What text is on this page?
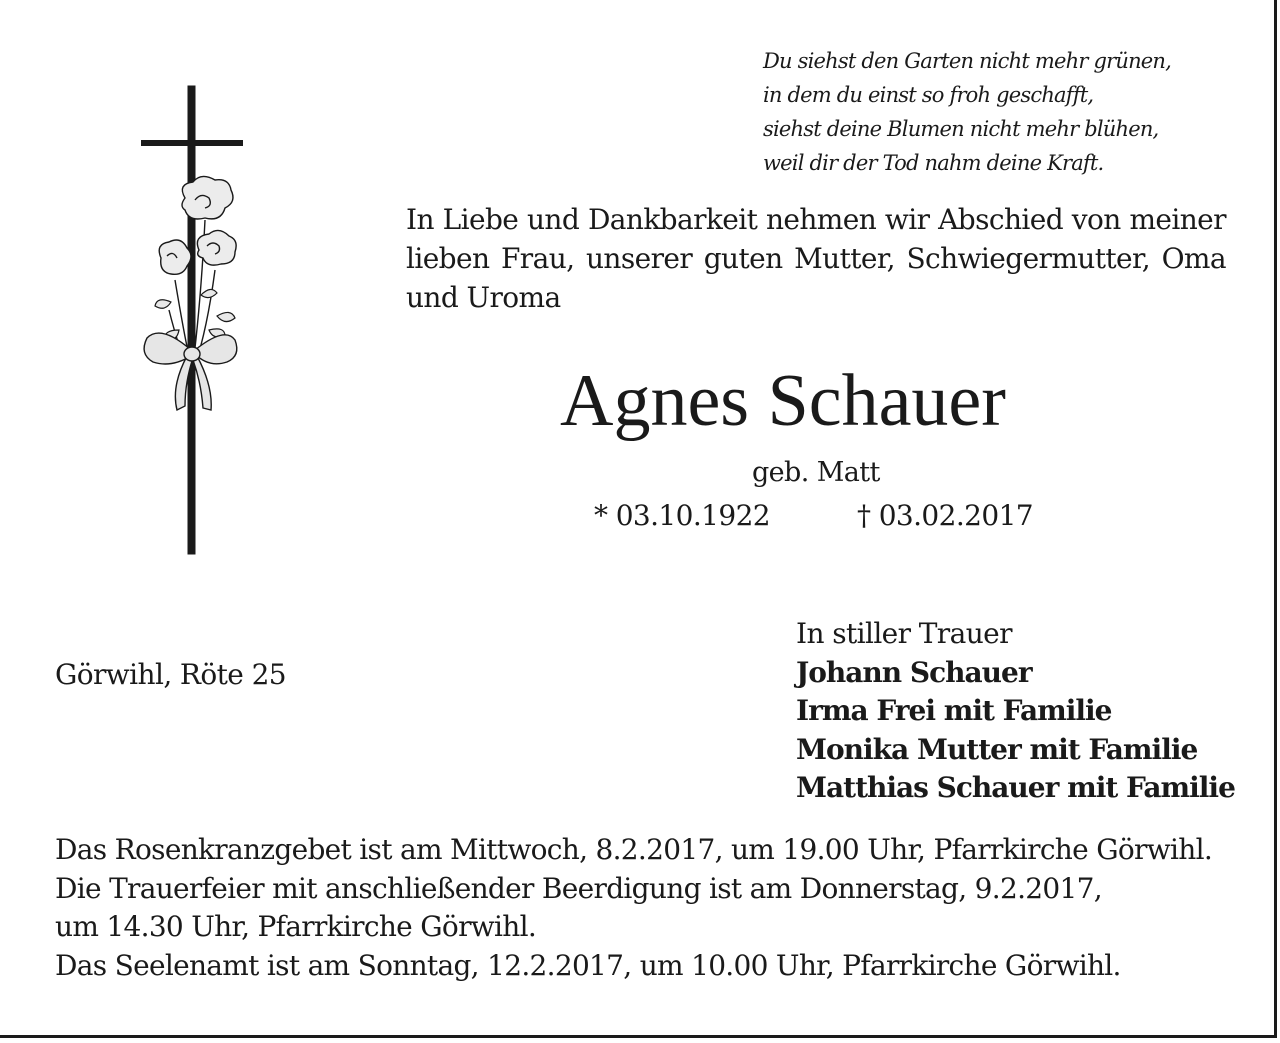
Du siehst den Garten nicht mehr grünen,
in dem du einst so froh geschafft,
siehst deine Blumen nicht mehr blühen,
weil dir der Tod nahm deine Kraft.
In Liebe und Dankbarkeit nehmen wir Abschied von meiner
lieben Frau, unserer guten Mutter, Schwiegermutter, Oma
und Uroma
Agnes Schauer
geb. Matt
* 03.10.1922	† 03.02.2017
Görwihl, Röte 25
In stiller Trauer
Johann Schauer
Irma Frei mit Familie
Monika Mutter mit Familie
Matthias Schauer mit Familie
Das Rosenkranzgebet ist am Mittwoch, 8.2.2017, um 19.00 Uhr, Pfarrkirche Görwihl.
Die Trauerfeier mit anschließender Beerdigung ist am Donnerstag, 9.2.2017,
um 14.30 Uhr, Pfarrkirche Görwihl.
Das Seelenamt ist am Sonntag, 12.2.2017, um 10.00 Uhr, Pfarrkirche Görwihl.
